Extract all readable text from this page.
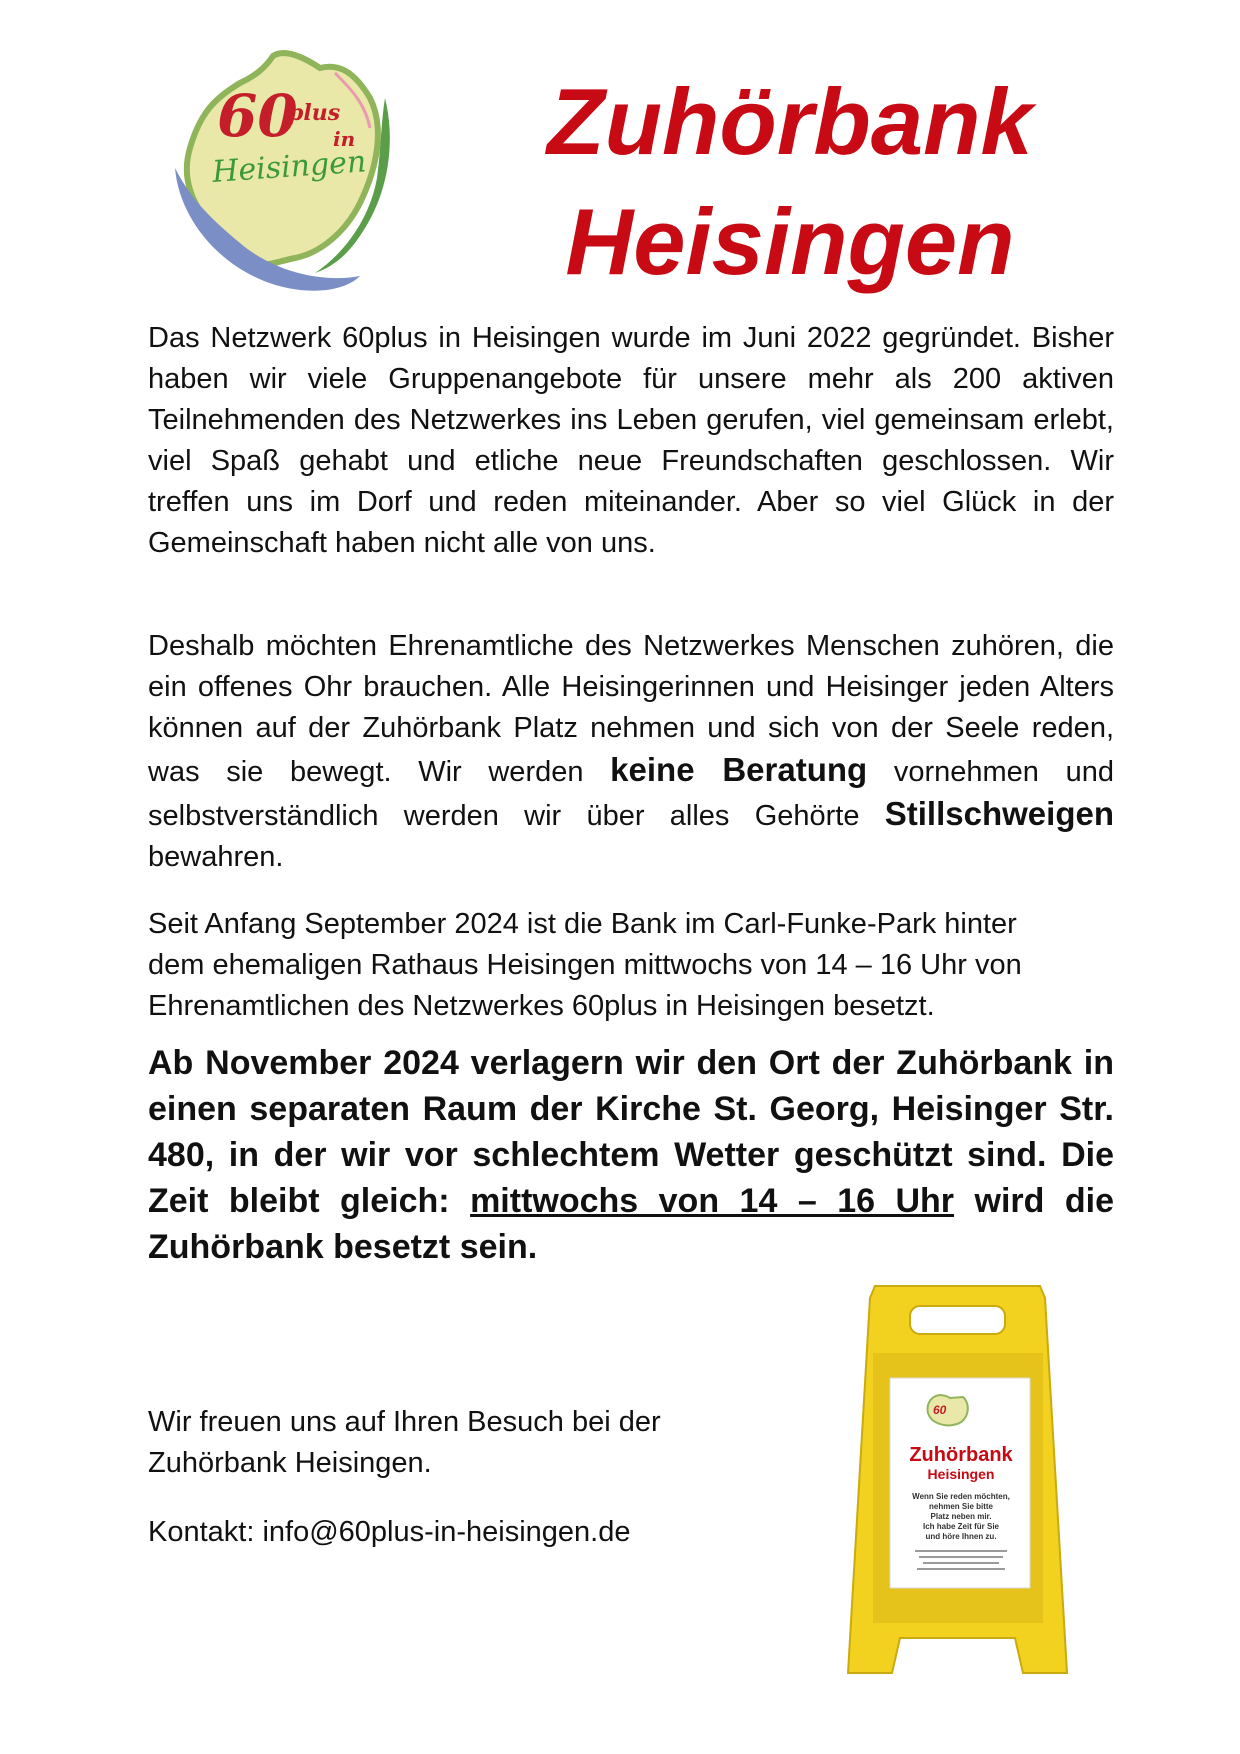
60
plus
in
Heisingen	Zuhörbank
Heisingen

Das Netzwerk 60plus in Heisingen wurde im Juni 2022 gegründet. Bisher haben wir viele Gruppenangebote für unsere mehr als 200 aktiven Teilnehmenden des Netzwerkes ins Leben gerufen, viel gemeinsam erlebt, viel Spaß gehabt und etliche neue Freundschaften geschlossen. Wir treffen uns im Dorf und reden miteinander. Aber so viel Glück in der Gemeinschaft haben nicht alle von uns.

Deshalb möchten Ehrenamtliche des Netzwerkes Menschen zuhören, die ein offenes Ohr brauchen. Alle Heisingerinnen und Heisinger jeden Alters können auf der Zuhörbank Platz nehmen und sich von der Seele reden, was sie bewegt. Wir werden keine Beratung vornehmen und selbstverständlich werden wir über alles Gehörte Stillschweigen bewahren.

Seit Anfang September 2024 ist die Bank im Carl-Funke-Park hinter
dem ehemaligen Rathaus Heisingen mittwochs von 14 – 16 Uhr von
Ehrenamtlichen des Netzwerkes 60plus in Heisingen besetzt.

Ab November 2024 verlagern wir den Ort der Zuhörbank in einen separaten Raum der Kirche St. Georg, Heisinger Str. 480, in der wir vor schlechtem Wetter geschützt sind. Die Zeit bleibt gleich: mittwochs von 14 – 16 Uhr wird die Zuhörbank besetzt sein.

Wir freuen uns auf Ihren Besuch bei der
Zuhörbank Heisingen.
Kontakt: info@60plus-in-heisingen.de
60
Zuhörbank
Heisingen
Wenn Sie reden möchten,
nehmen Sie bitte
Platz neben mir.
Ich habe Zeit für Sie
und höre Ihnen zu.
